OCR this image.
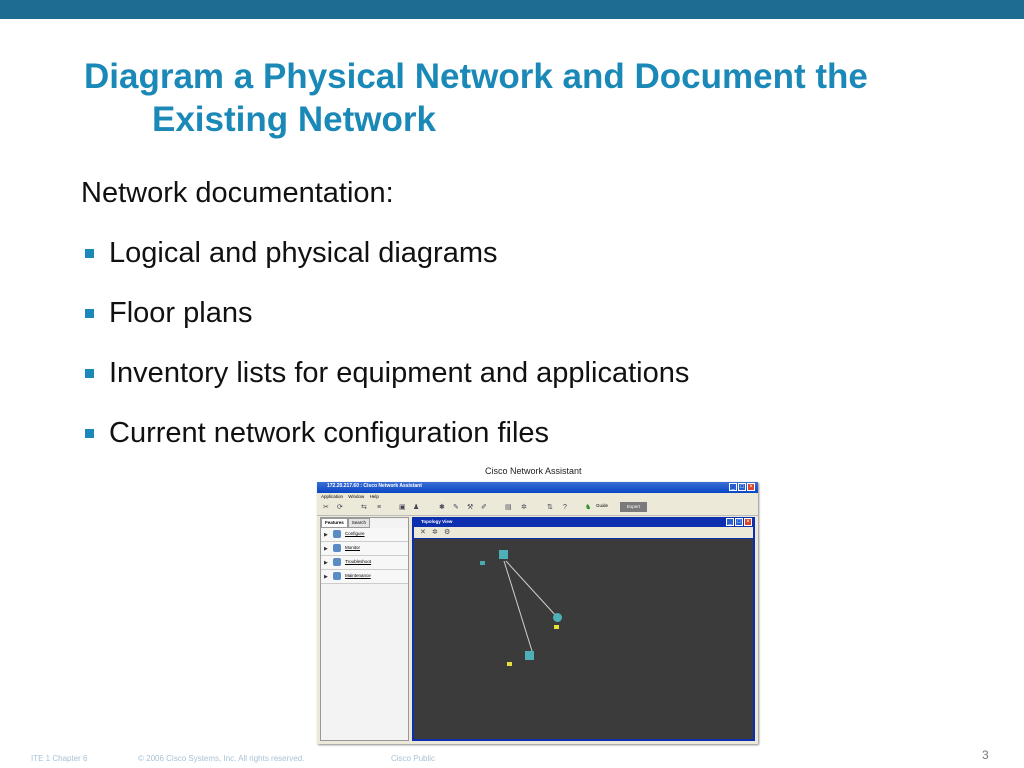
Diagram a Physical Network and Document the
Existing Network
Network documentation:
Logical and physical diagrams
Floor plans
Inventory lists for equipment and applications
Current network configuration files
Cisco Network Assistant
172.20.217.60 : Cisco Network Assistant	_ □ ×
Application Window Help
✂ ⟳	⇆ ≡	▣ ♟	✱ ✎ ⚒ ✐	▤ ✲	⇅ ?	♞ Guide	Expert
Features Search
▶	Configure
▶	Monitor
▶	Troubleshoot
▶	Maintenance
Topology View	_ □ ×
✕ ✲ ⚙

ITE 1 Chapter 6	© 2006 Cisco Systems, Inc. All rights reserved.	Cisco Public	3
